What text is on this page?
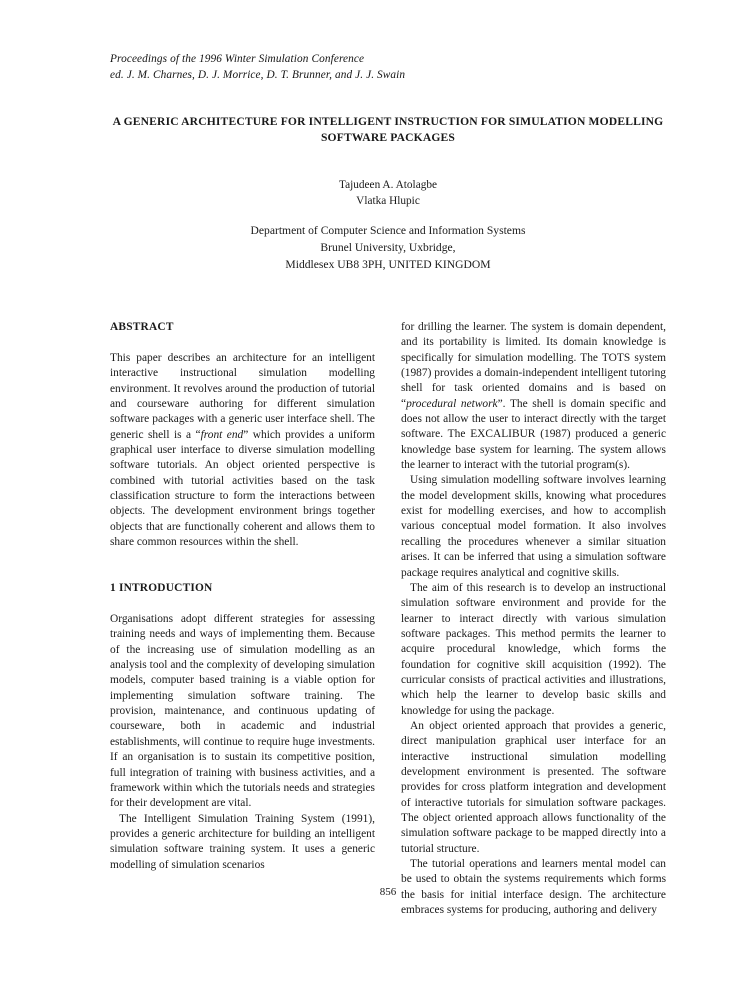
Proceedings of the 1996 Winter Simulation Conference
ed. J. M. Charnes, D. J. Morrice, D. T. Brunner, and J. J. Swain
A GENERIC ARCHITECTURE FOR INTELLIGENT INSTRUCTION FOR SIMULATION MODELLING
SOFTWARE PACKAGES
Tajudeen A. Atolagbe
Vlatka Hlupic
Department of Computer Science and Information Systems
Brunel University, Uxbridge,
Middlesex UB8 3PH, UNITED KINGDOM
ABSTRACT

This paper describes an architecture for an intelligent interactive instructional simulation modelling environment. It revolves around the production of tutorial and courseware authoring for different simulation software packages with a generic user interface shell. The generic shell is a “front end” which provides a uniform graphical user interface to diverse simulation modelling software tutorials. An object oriented perspective is combined with tutorial activities based on the task classification structure to form the interactions between objects. The development environment brings together objects that are functionally coherent and allows them to share common resources within the shell.

1 INTRODUCTION

Organisations adopt different strategies for assessing training needs and ways of implementing them. Because of the increasing use of simulation modelling as an analysis tool and the complexity of developing simulation models, computer based training is a viable option for implementing simulation software training. The provision, maintenance, and continuous updating of courseware, both in academic and industrial establishments, will continue to require huge investments. If an organisation is to sustain its competitive position, full integration of training with business activities, and a framework within which the tutorials needs and strategies for their development are vital.

The Intelligent Simulation Training System (1991), provides a generic architecture for building an intelligent simulation software training system. It uses a generic modelling of simulation scenarios

for drilling the learner. The system is domain dependent, and its portability is limited. Its domain knowledge is specifically for simulation modelling. The TOTS system (1987) provides a domain-independent intelligent tutoring shell for task oriented domains and is based on “procedural network”. The shell is domain specific and does not allow the user to interact directly with the target software. The EXCALIBUR (1987) produced a generic knowledge base system for learning. The system allows the learner to interact with the tutorial program(s).

Using simulation modelling software involves learning the model development skills, knowing what procedures exist for modelling exercises, and how to accomplish various conceptual model formation. It also involves recalling the procedures whenever a similar situation arises. It can be inferred that using a simulation software package requires analytical and cognitive skills.

The aim of this research is to develop an instructional simulation software environment and provide for the learner to interact directly with various simulation software packages. This method permits the learner to acquire procedural knowledge, which forms the foundation for cognitive skill acquisition (1992). The curricular consists of practical activities and illustrations, which help the learner to develop basic skills and knowledge for using the package.

An object oriented approach that provides a generic, direct manipulation graphical user interface for an interactive instructional simulation modelling development environment is presented. The software provides for cross platform integration and development of interactive tutorials for simulation software packages. The object oriented approach allows functionality of the simulation software package to be mapped directly into a tutorial structure.

The tutorial operations and learners mental model can be used to obtain the systems requirements which forms the basis for initial interface design. The architecture embraces systems for producing, authoring and delivery

856
